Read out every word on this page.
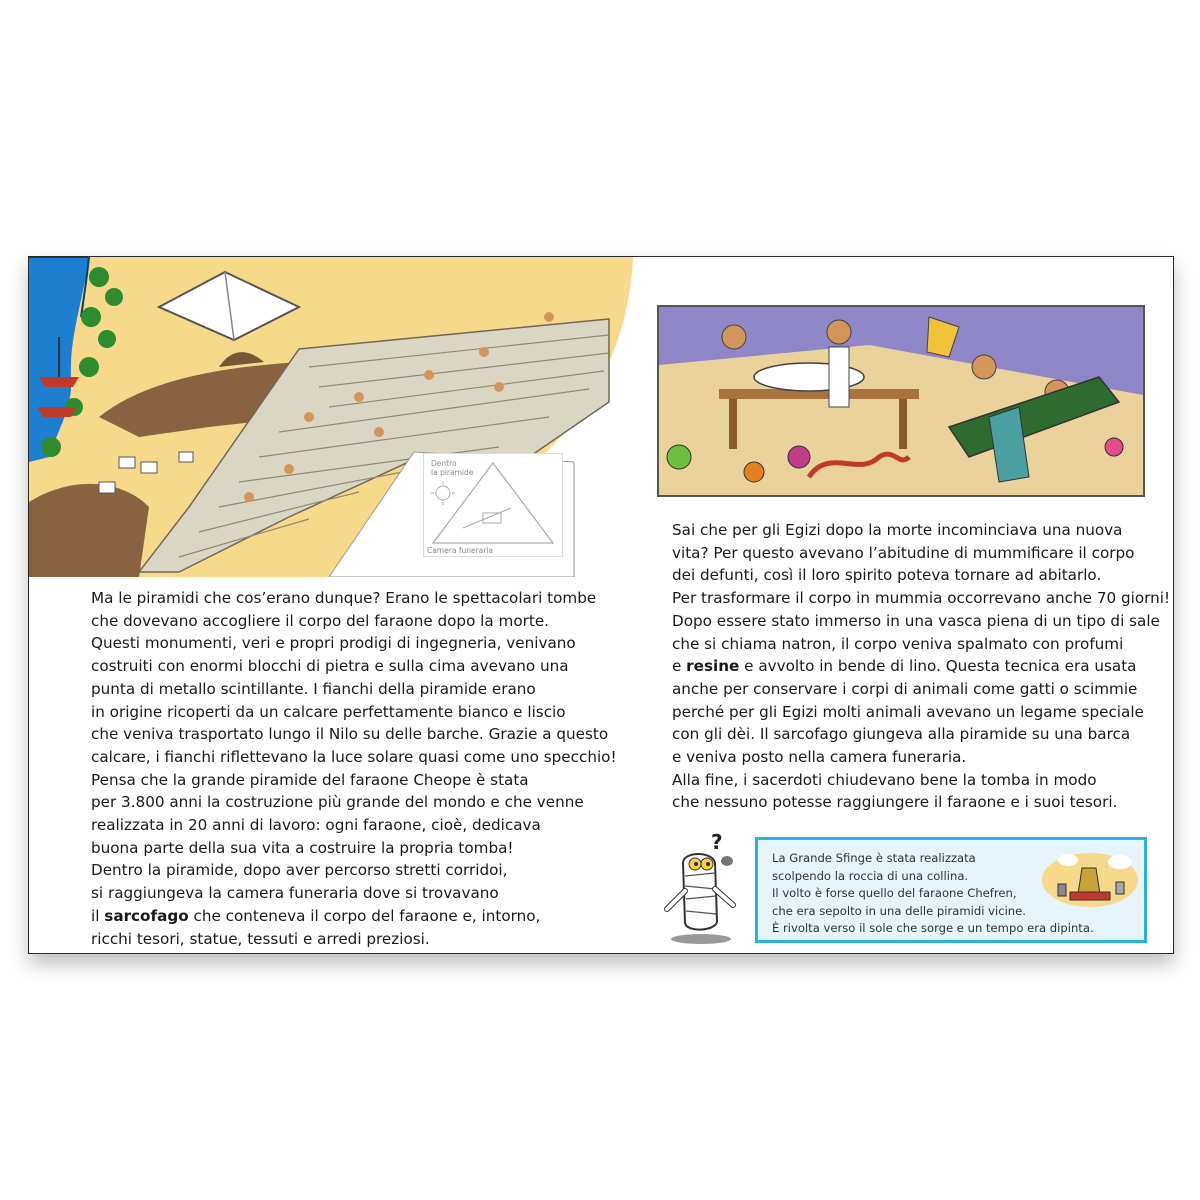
Dentro
la piramide
Camera funeraria
Ma le piramidi che cos’erano dunque? Erano le spettacolari tombe
che dovevano accogliere il corpo del faraone dopo la morte.
Questi monumenti, veri e propri prodigi di ingegneria, venivano
costruiti con enormi blocchi di pietra e sulla cima avevano una
punta di metallo scintillante. I fianchi della piramide erano
in origine ricoperti da un calcare perfettamente bianco e liscio
che veniva trasportato lungo il Nilo su delle barche. Grazie a questo
calcare, i fianchi riflettevano la luce solare quasi come uno specchio!
Pensa che la grande piramide del faraone Cheope è stata
per 3.800 anni la costruzione più grande del mondo e che venne
realizzata in 20 anni di lavoro: ogni faraone, cioè, dedicava
buona parte della sua vita a costruire la propria tomba!
Dentro la piramide, dopo aver percorso stretti corridoi,
si raggiungeva la camera funeraria dove si trovavano
il sarcofago che conteneva il corpo del faraone e, intorno,
ricchi tesori, statue, tessuti e arredi preziosi.
Sai che per gli Egizi dopo la morte incominciava una nuova
vita? Per questo avevano l’abitudine di mummificare il corpo
dei defunti, così il loro spirito poteva tornare ad abitarlo.
Per trasformare il corpo in mummia occorrevano anche 70 giorni!
Dopo essere stato immerso in una vasca piena di un tipo di sale
che si chiama natron, il corpo veniva spalmato con profumi
e resine e avvolto in bende di lino. Questa tecnica era usata
anche per conservare i corpi di animali come gatti o scimmie
perché per gli Egizi molti animali avevano un legame speciale
con gli dèi. Il sarcofago giungeva alla piramide su una barca
e veniva posto nella camera funeraria.
Alla fine, i sacerdoti chiudevano bene la tomba in modo
che nessuno potesse raggiungere il faraone e i suoi tesori.
?
La Grande Sfinge è stata realizzata
scolpendo la roccia di una collina.
Il volto è forse quello del faraone Chefren,
che era sepolto in una delle piramidi vicine.
È rivolta verso il sole che sorge e un tempo era dipinta.
